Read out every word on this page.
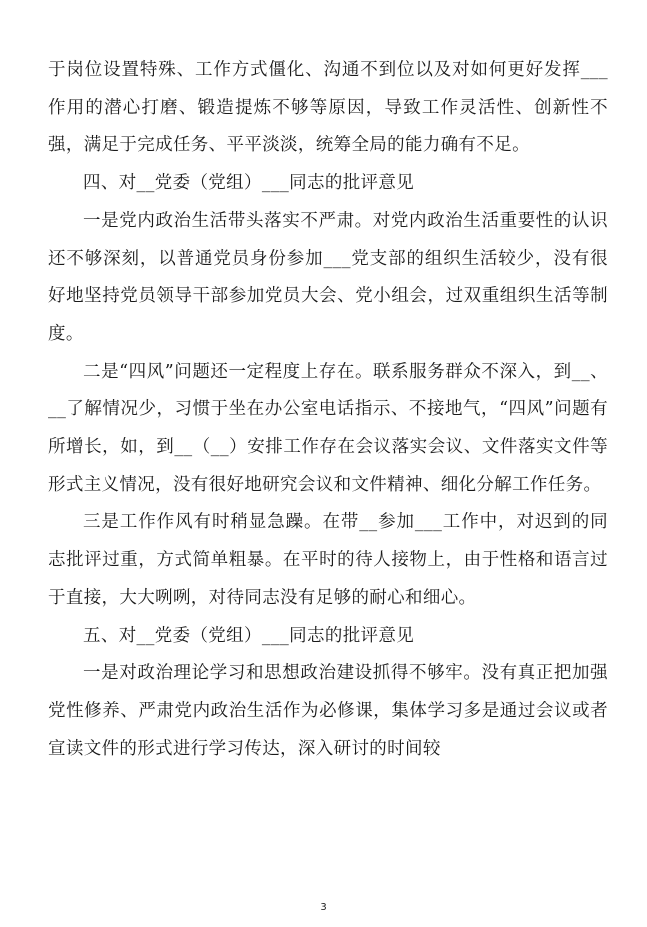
于岗位设置特殊、工作方式僵化、沟通不到位以及对如何更好发挥___作用的潜心打磨、锻造提炼不够等原因，导致工作灵活性、创新性不强，满足于完成任务、平平淡淡，统筹全局的能力确有不足。

四、对__党委（党组）___同志的批评意见

一是党内政治生活带头落实不严肃。对党内政治生活重要性的认识还不够深刻，以普通党员身份参加___党支部的组织生活较少，没有很好地坚持党员领导干部参加党员大会、党小组会，过双重组织生活等制度。

二是“四风”问题还一定程度上存在。联系服务群众不深入，到__、__了解情况少，习惯于坐在办公室电话指示、不接地气，“四风”问题有所增长，如，到__（__）安排工作存在会议落实会议、文件落实文件等形式主义情况，没有很好地研究会议和文件精神、细化分解工作任务。

三是工作作风有时稍显急躁。在带__参加___工作中，对迟到的同志批评过重，方式简单粗暴。在平时的待人接物上，由于性格和语言过于直接，大大咧咧，对待同志没有足够的耐心和细心。

五、对__党委（党组）___同志的批评意见

一是对政治理论学习和思想政治建设抓得不够牢。没有真正把加强党性修养、严肃党内政治生活作为必修课，集体学习多是通过会议或者宣读文件的形式进行学习传达，深入研讨的时间较

3
